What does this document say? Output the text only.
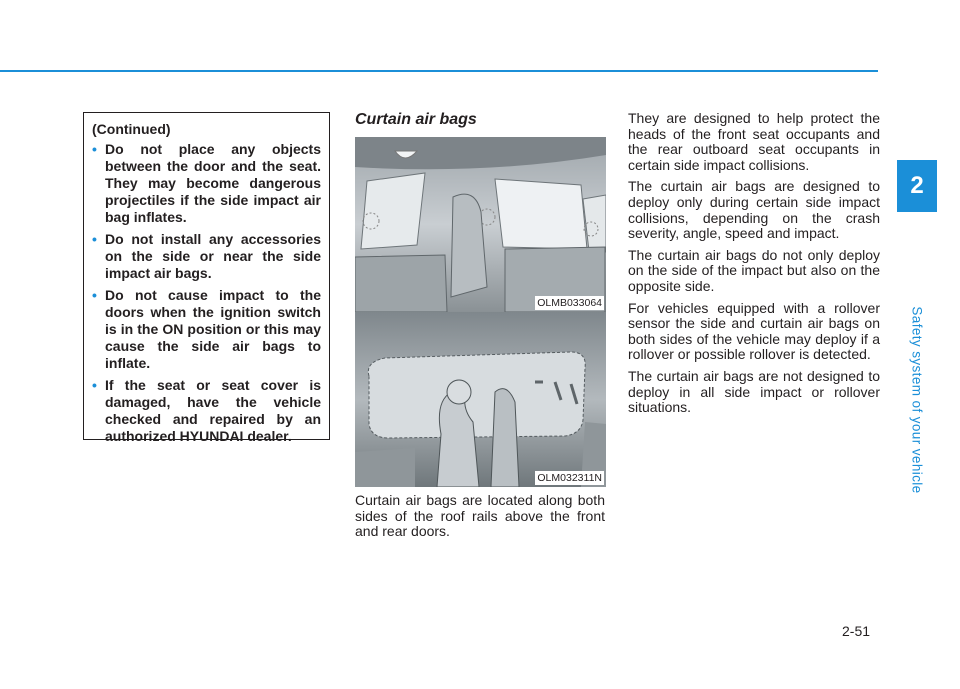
2
Safety system of your vehicle
2-51

(Continued)

• Do not place any objects between the door and the seat. They may become dangerous projectiles if the side impact air bag inflates.
• Do not install any accessories on the side or near the side impact air bags.
• Do not cause impact to the doors when the ignition switch is in the ON position or this may cause the side air bags to inflate.
• If the seat or seat cover is damaged, have the vehicle checked and repaired by an authorized HYUNDAI dealer.
Curtain air bags
OLMB033064
OLM032311N
Curtain air bags are located along both sides of the roof rails above the front and rear doors.

They are designed to help protect the heads of the front seat occupants and the rear outboard seat occupants in certain side impact collisions.

The curtain air bags are designed to deploy only during certain side impact collisions, depending on the crash severity, angle, speed and impact.

The curtain air bags do not only deploy on the side of the impact but also on the opposite side.

For vehicles equipped with a rollover sensor the side and curtain air bags on both sides of the vehicle may deploy if a rollover or possible rollover is detected.

The curtain air bags are not designed to deploy in all side impact or rollover situations.
